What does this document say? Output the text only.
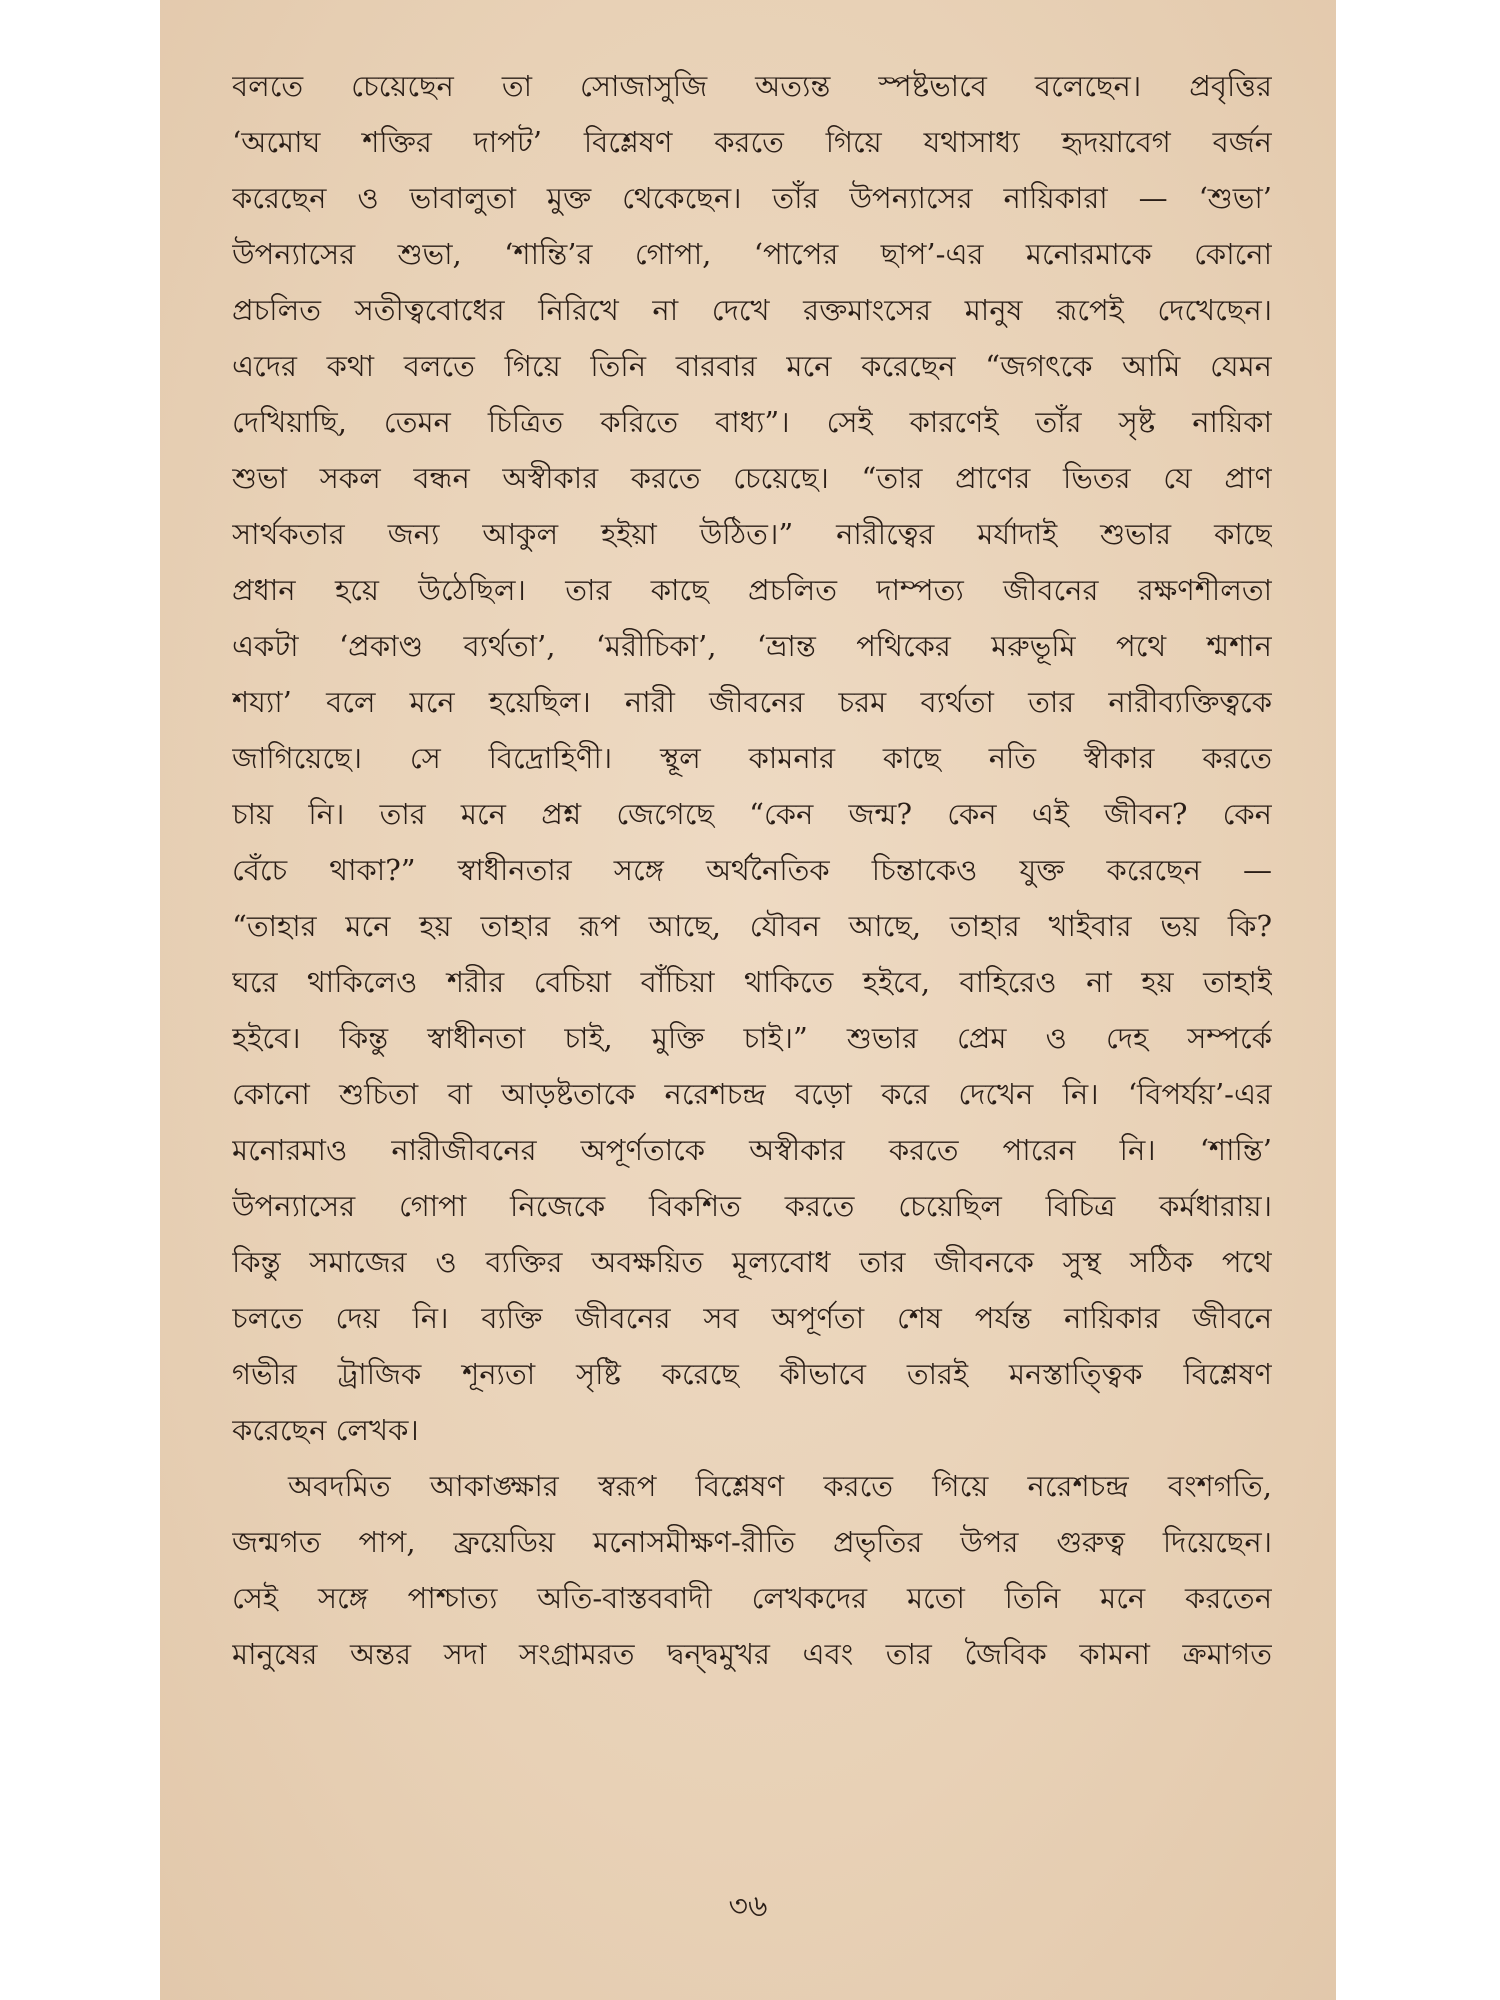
বলতে চেয়েছেন তা সোজাসুজি অত্যন্ত স্পষ্টভাবে বলেছেন। প্রবৃত্তির
‘অমোঘ শক্তির দাপট’ বিশ্লেষণ করতে গিয়ে যথাসাধ্য হৃদয়াবেগ বর্জন
করেছেন ও ভাবালুতা মুক্ত থেকেছেন। তাঁর উপন্যাসের নায়িকারা — ‘শুভা’
উপন্যাসের শুভা, ‘শান্তি’র গোপা, ‘পাপের ছাপ’-এর মনোরমাকে কোনো
প্রচলিত সতীত্ববোধের নিরিখে না দেখে রক্তমাংসের মানুষ রূপেই দেখেছেন।
এদের কথা বলতে গিয়ে তিনি বারবার মনে করেছেন “জগৎকে আমি যেমন
দেখিয়াছি, তেমন চিত্রিত করিতে বাধ্য”। সেই কারণেই তাঁর সৃষ্ট নায়িকা
শুভা সকল বন্ধন অস্বীকার করতে চেয়েছে। “তার প্রাণের ভিতর যে প্রাণ
সার্থকতার জন্য আকুল হইয়া উঠিত।” নারীত্বের মর্যাদাই শুভার কাছে
প্রধান হয়ে উঠেছিল। তার কাছে প্রচলিত দাম্পত্য জীবনের রক্ষণশীলতা
একটা ‘প্রকাণ্ড ব্যর্থতা’, ‘মরীচিকা’, ‘ভ্রান্ত পথিকের মরুভূমি পথে শ্মশান
শয্যা’ বলে মনে হয়েছিল। নারী জীবনের চরম ব্যর্থতা তার নারীব্যক্তিত্বকে
জাগিয়েছে। সে বিদ্রোহিণী। স্থূল কামনার কাছে নতি স্বীকার করতে
চায় নি। তার মনে প্রশ্ন জেগেছে “কেন জন্ম? কেন এই জীবন? কেন
বেঁচে থাকা?” স্বাধীনতার সঙ্গে অর্থনৈতিক চিন্তাকেও যুক্ত করেছেন —
“তাহার মনে হয় তাহার রূপ আছে, যৌবন আছে, তাহার খাইবার ভয় কি?
ঘরে থাকিলেও শরীর বেচিয়া বাঁচিয়া থাকিতে হইবে, বাহিরেও না হয় তাহাই
হইবে। কিন্তু স্বাধীনতা চাই, মুক্তি চাই।” শুভার প্রেম ও দেহ সম্পর্কে
কোনো শুচিতা বা আড়ষ্টতাকে নরেশচন্দ্র বড়ো করে দেখেন নি। ‘বিপর্যয়’-এর
মনোরমাও নারীজীবনের অপূর্ণতাকে অস্বীকার করতে পারেন নি। ‘শান্তি’
উপন্যাসের গোপা নিজেকে বিকশিত করতে চেয়েছিল বিচিত্র কর্মধারায়।
কিন্তু সমাজের ও ব্যক্তির অবক্ষয়িত মূল্যবোধ তার জীবনকে সুস্থ সঠিক পথে
চলতে দেয় নি। ব্যক্তি জীবনের সব অপূর্ণতা শেষ পর্যন্ত নায়িকার জীবনে
গভীর ট্রাজিক শূন্যতা সৃষ্টি করেছে কীভাবে তারই মনস্তাত্ত্বিক বিশ্লেষণ
করেছেন লেখক।
অবদমিত আকাঙ্ক্ষার স্বরূপ বিশ্লেষণ করতে গিয়ে নরেশচন্দ্র বংশগতি,
জন্মগত পাপ, ফ্রয়েডিয় মনোসমীক্ষণ-রীতি প্রভৃতির উপর গুরুত্ব দিয়েছেন।
সেই সঙ্গে পাশ্চাত্য অতি-বাস্তববাদী লেখকদের মতো তিনি মনে করতেন
মানুষের অন্তর সদা সংগ্রামরত দ্বন্দ্বমুখর এবং তার জৈবিক কামনা ক্রমাগত
৩৬
